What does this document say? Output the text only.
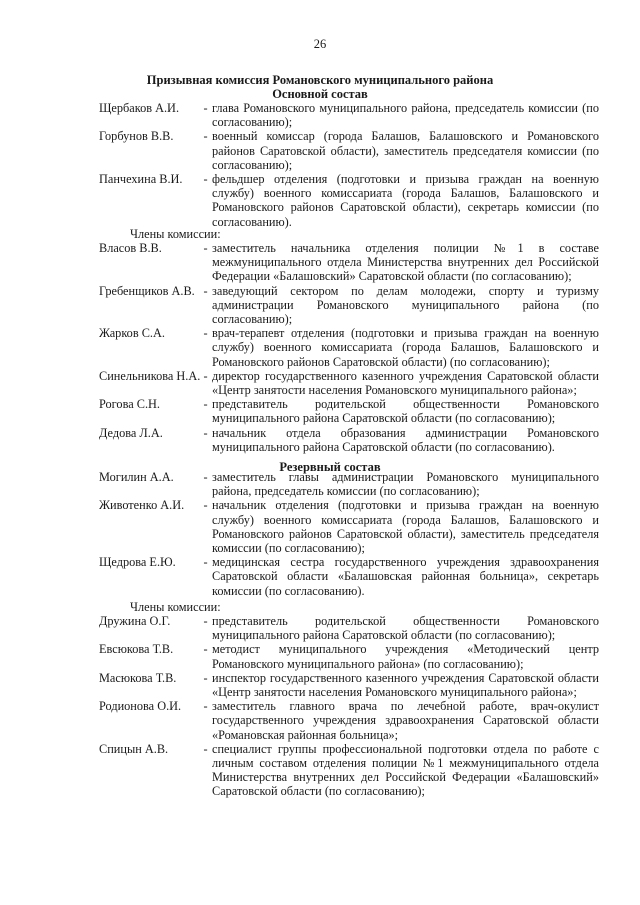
26
Призывная комиссия Романовского муниципального района
Основной состав
Щербаков А.И.	- глава Романовского муниципального района, председатель комиссии (по согласованию);
Горбунов В.В.	- военный комиссар (города Балашов, Балашовского и Романовского районов Саратовской области), заместитель председателя комиссии (по согласованию);
Панчехина В.И.	- фельдшер отделения (подготовки и призыва граждан на военную службу) военного комиссариата (города Балашов, Балашовского и Романовского районов Саратовской области), секретарь комиссии (по согласованию).
Члены комиссии:
Власов В.В.	- заместитель начальника отделения полиции №1 в составе межмуниципального отдела Министерства внутренних дел Российской Федерации «Балашовский» Саратовской области (по согласованию);
Гребенщиков А.В. - заведующий сектором по делам молодежи, спорту и туризму администрации Романовского муниципального района (по согласованию);
Жарков С.А.	- врач-терапевт отделения (подготовки и призыва граждан на военную службу) военного комиссариата (города Балашов, Балашовского и Романовского районов Саратовской области) (по согласованию);
Синельникова Н.А. - директор государственного казенного учреждения Саратовской области «Центр занятости населения Романовского муниципального района»;
Рогова С.Н.	- представитель родительской общественности Романовского муниципального района Саратовской области (по согласованию);
Дедова Л.А.	- начальник отдела образования администрации Романовского муниципального района Саратовской области (по согласованию).
Резервный состав
Могилин А.А.	- заместитель главы администрации Романовского муниципального района, председатель комиссии (по согласованию);
Животенко А.И.	- начальник отделения (подготовки и призыва граждан на военную службу) военного комиссариата (города Балашов, Балашовского и Романовского районов Саратовской области), заместитель председателя комиссии (по согласованию);
Щедрова Е.Ю.	- медицинская сестра государственного учреждения здравоохранения Саратовской области «Балашовская районная больница», секретарь комиссии (по согласованию).
Члены комиссии:
Дружина О.Г.	- представитель родительской общественности Романовского муниципального района Саратовской области (по согласованию);
Евсюкова Т.В.	- методист муниципального учреждения «Методический центр Романовского муниципального района» (по согласованию);
Масюкова Т.В.	- инспектор государственного казенного учреждения Саратовской области «Центр занятости населения Романовского муниципального района»;
Родионова О.И.	- заместитель главного врача по лечебной работе, врач-окулист государственного учреждения здравоохранения Саратовской области «Романовская районная больница»;
Спицын А.В.	- специалист группы профессиональной подготовки отдела по работе с личным составом отделения полиции №1 межмуниципального отдела Министерства внутренних дел Российской Федерации «Балашовский» Саратовской области (по согласованию);
